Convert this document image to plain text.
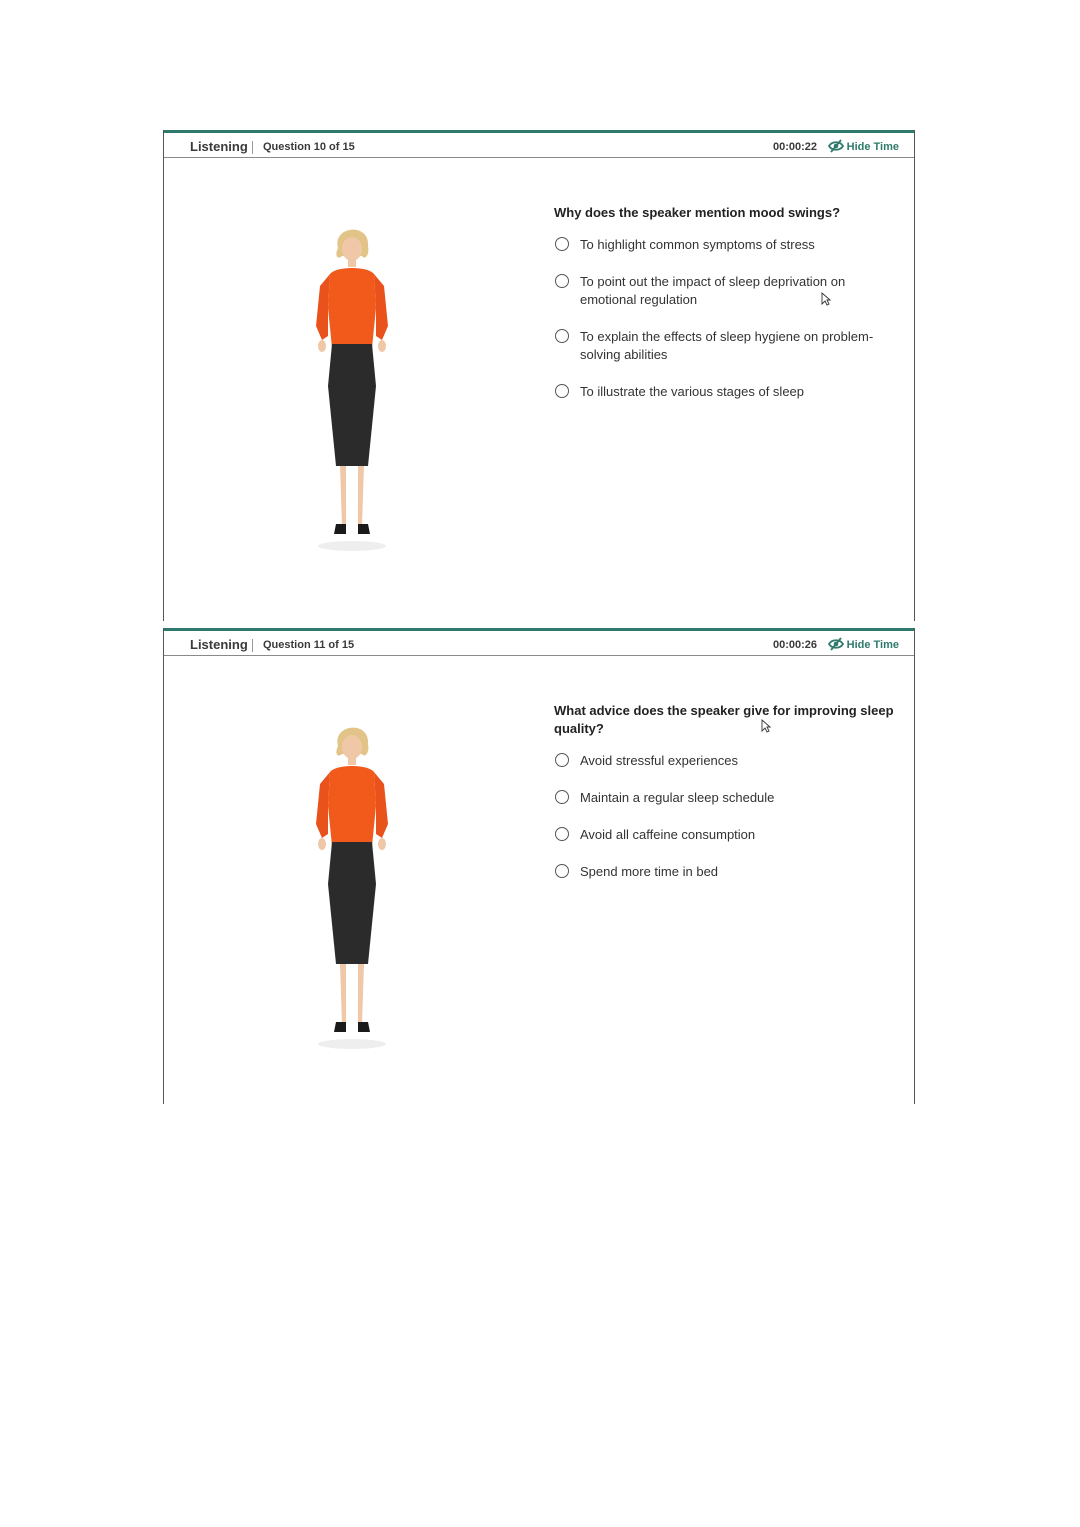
Listening Question 10 of 15	00:00:22	Hide Time

Why does the speaker mention mood swings?

To highlight common symptoms of stress
To point out the impact of sleep deprivation on emotional regulation
To explain the effects of sleep hygiene on problem-solving abilities
To illustrate the various stages of sleep
Listening Question 11 of 15	00:00:26	Hide Time

What advice does the speaker give for improving sleep quality?

Avoid stressful experiences
Maintain a regular sleep schedule
Avoid all caffeine consumption
Spend more time in bed
